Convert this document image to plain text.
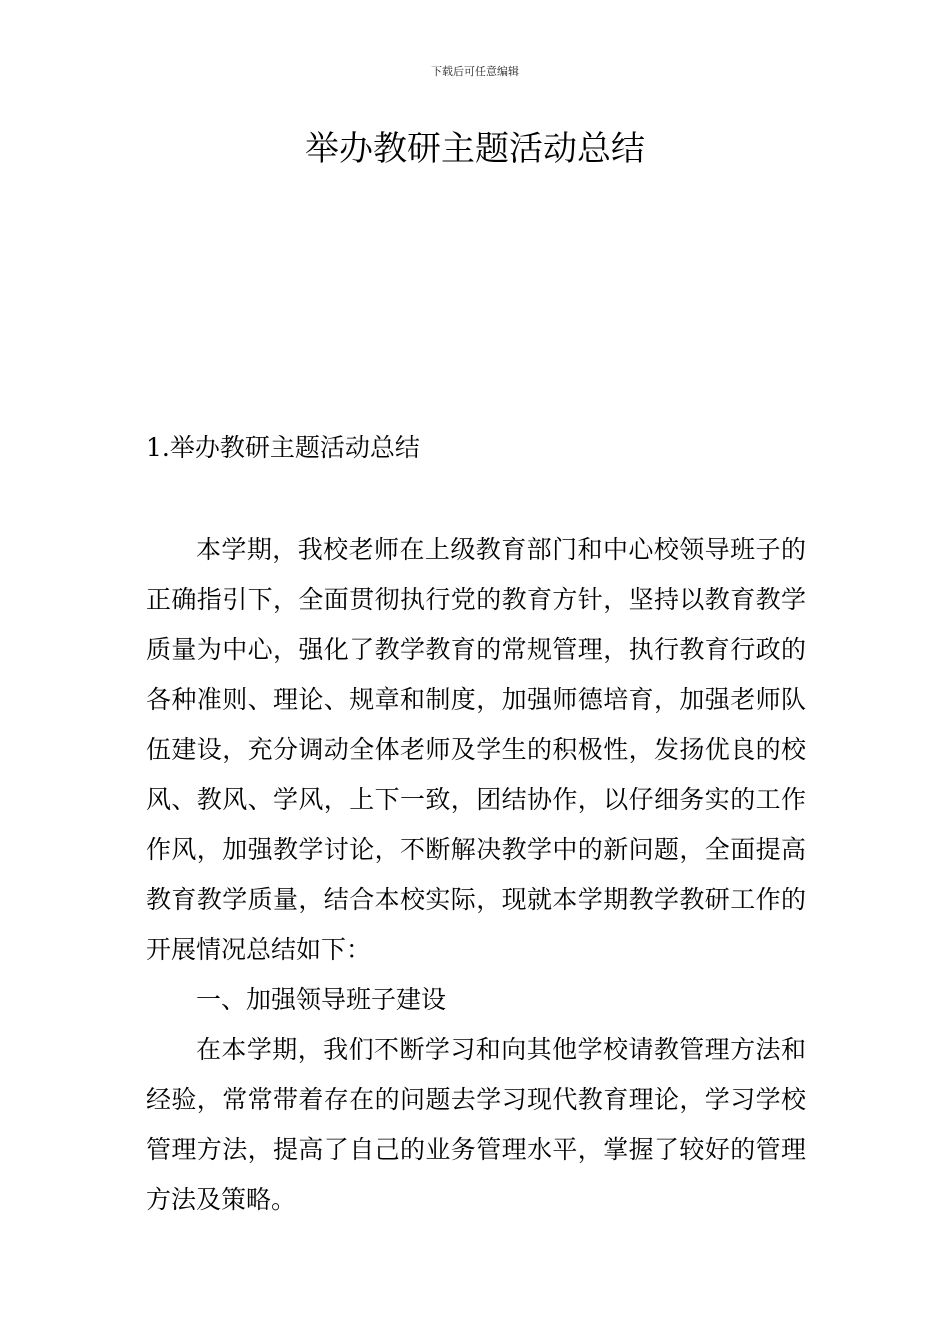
下载后可任意编辑
举办教研主题活动总结
1.举办教研主题活动总结

本学期，我校老师在上级教育部门和中心校领导班子的正确指引下，全面贯彻执行党的教育方针，坚持以教育教学质量为中心，强化了教学教育的常规管理，执行教育行政的各种准则、理论、规章和制度，加强师德培育，加强老师队伍建设，充分调动全体老师及学生的积极性，发扬优良的校风、教风、学风，上下一致，团结协作，以仔细务实的工作作风，加强教学讨论，不断解决教学中的新问题，全面提高教育教学质量，结合本校实际，现就本学期教学教研工作的开展情况总结如下：

一、加强领导班子建设

在本学期，我们不断学习和向其他学校请教管理方法和经验，常常带着存在的问题去学习现代教育理论，学习学校管理方法，提高了自己的业务管理水平，掌握了较好的管理方法及策略。
